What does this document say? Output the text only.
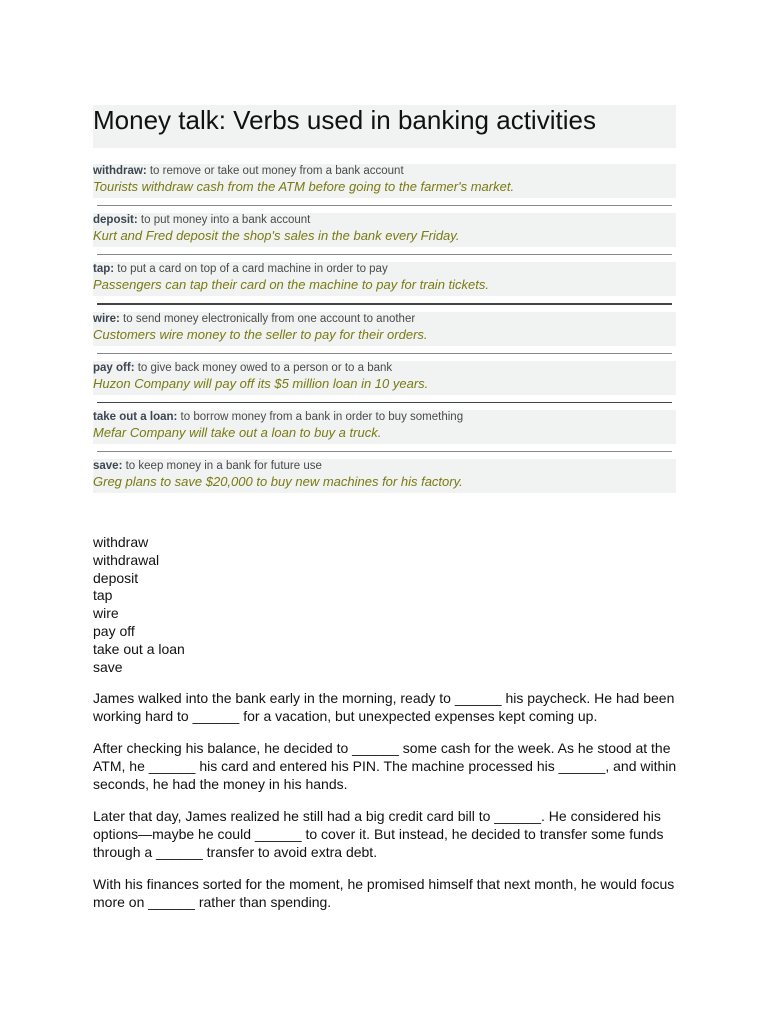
Money talk: Verbs used in banking activities
withdraw: to remove or take out money from a bank account
Tourists withdraw cash from the ATM before going to the farmer's market.
deposit: to put money into a bank account
Kurt and Fred deposit the shop's sales in the bank every Friday.
tap: to put a card on top of a card machine in order to pay
Passengers can tap their card on the machine to pay for train tickets.
wire: to send money electronically from one account to another
Customers wire money to the seller to pay for their orders.
pay off: to give back money owed to a person or to a bank
Huzon Company will pay off its $5 million loan in 10 years.
take out a loan: to borrow money from a bank in order to buy something
Mefar Company will take out a loan to buy a truck.
save: to keep money in a bank for future use
Greg plans to save $20,000 to buy new machines for his factory.
withdraw
withdrawal
deposit
tap
wire
pay off
take out a loan
save

James walked into the bank early in the morning, ready to ______ his paycheck. He had been working hard to ______ for a vacation, but unexpected expenses kept coming up.

After checking his balance, he decided to ______ some cash for the week. As he stood at the ATM, he ______ his card and entered his PIN. The machine processed his ______, and within seconds, he had the money in his hands.

Later that day, James realized he still had a big credit card bill to ______. He considered his options—maybe he could ______ to cover it. But instead, he decided to transfer some funds through a ______ transfer to avoid extra debt.

With his finances sorted for the moment, he promised himself that next month, he would focus more on ______ rather than spending.
